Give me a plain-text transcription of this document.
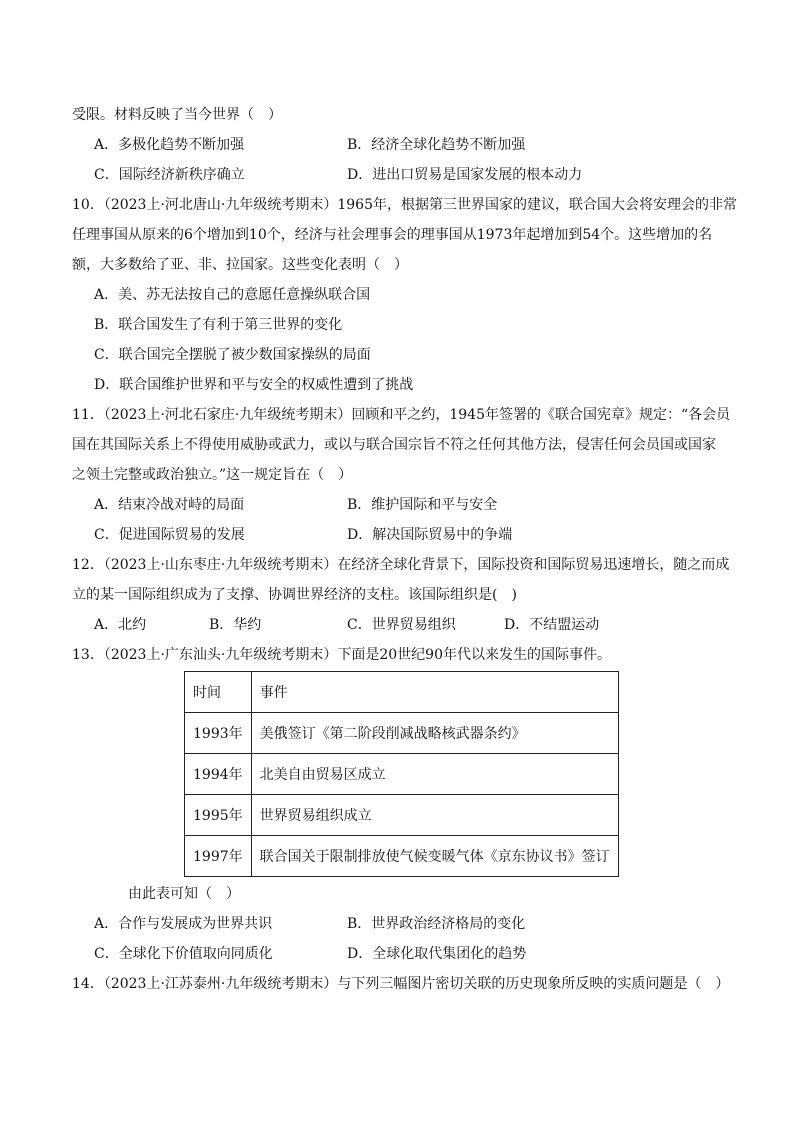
受限。材料反映了当今世界（　）
A．多极化趋势不断加强	B．经济全球化趋势不断加强
C．国际经济新秩序确立	D．进出口贸易是国家发展的根本动力
10．（2023上·河北唐山·九年级统考期末）1965年，根据第三世界国家的建议，联合国大会将安理会的非常
任理事国从原来的6个增加到10个，经济与社会理事会的理事国从1973年起增加到54个。这些增加的名
额，大多数给了亚、非、拉国家。这些变化表明（　）
A．美、苏无法按自己的意愿任意操纵联合国
B．联合国发生了有利于第三世界的变化
C．联合国完全摆脱了被少数国家操纵的局面
D．联合国维护世界和平与安全的权威性遭到了挑战
11．（2023上·河北石家庄·九年级统考期末）回顾和平之约，1945年签署的《联合国宪章》规定：“各会员
国在其国际关系上不得使用威胁或武力，或以与联合国宗旨不符之任何其他方法，侵害任何会员国或国家
之领土完整或政治独立。”这一规定旨在（　）
A．结束冷战对峙的局面	B．维护国际和平与安全
C．促进国际贸易的发展	D．解决国际贸易中的争端
12．（2023上·山东枣庄·九年级统考期末）在经济全球化背景下，国际投资和国际贸易迅速增长，随之而成
立的某一国际组织成为了支撑、协调世界经济的支柱。该国际组织是(　)
A．北约	B．华约	C．世界贸易组织	D．不结盟运动
13．（2023上·广东汕头·九年级统考期末）下面是20世纪90年代以来发生的国际事件。
时间	事件
1993年	美俄签订《第二阶段削减战略核武器条约》
1994年	北美自由贸易区成立
1995年	世界贸易组织成立
1997年	联合国关于限制排放使气候变暖气体《京东协议书》签订
由此表可知（　）
A．合作与发展成为世界共识	B．世界政治经济格局的变化
C．全球化下价值取向同质化	D．全球化取代集团化的趋势
14．（2023上·江苏泰州·九年级统考期末）与下列三幅图片密切关联的历史现象所反映的实质问题是（　）
